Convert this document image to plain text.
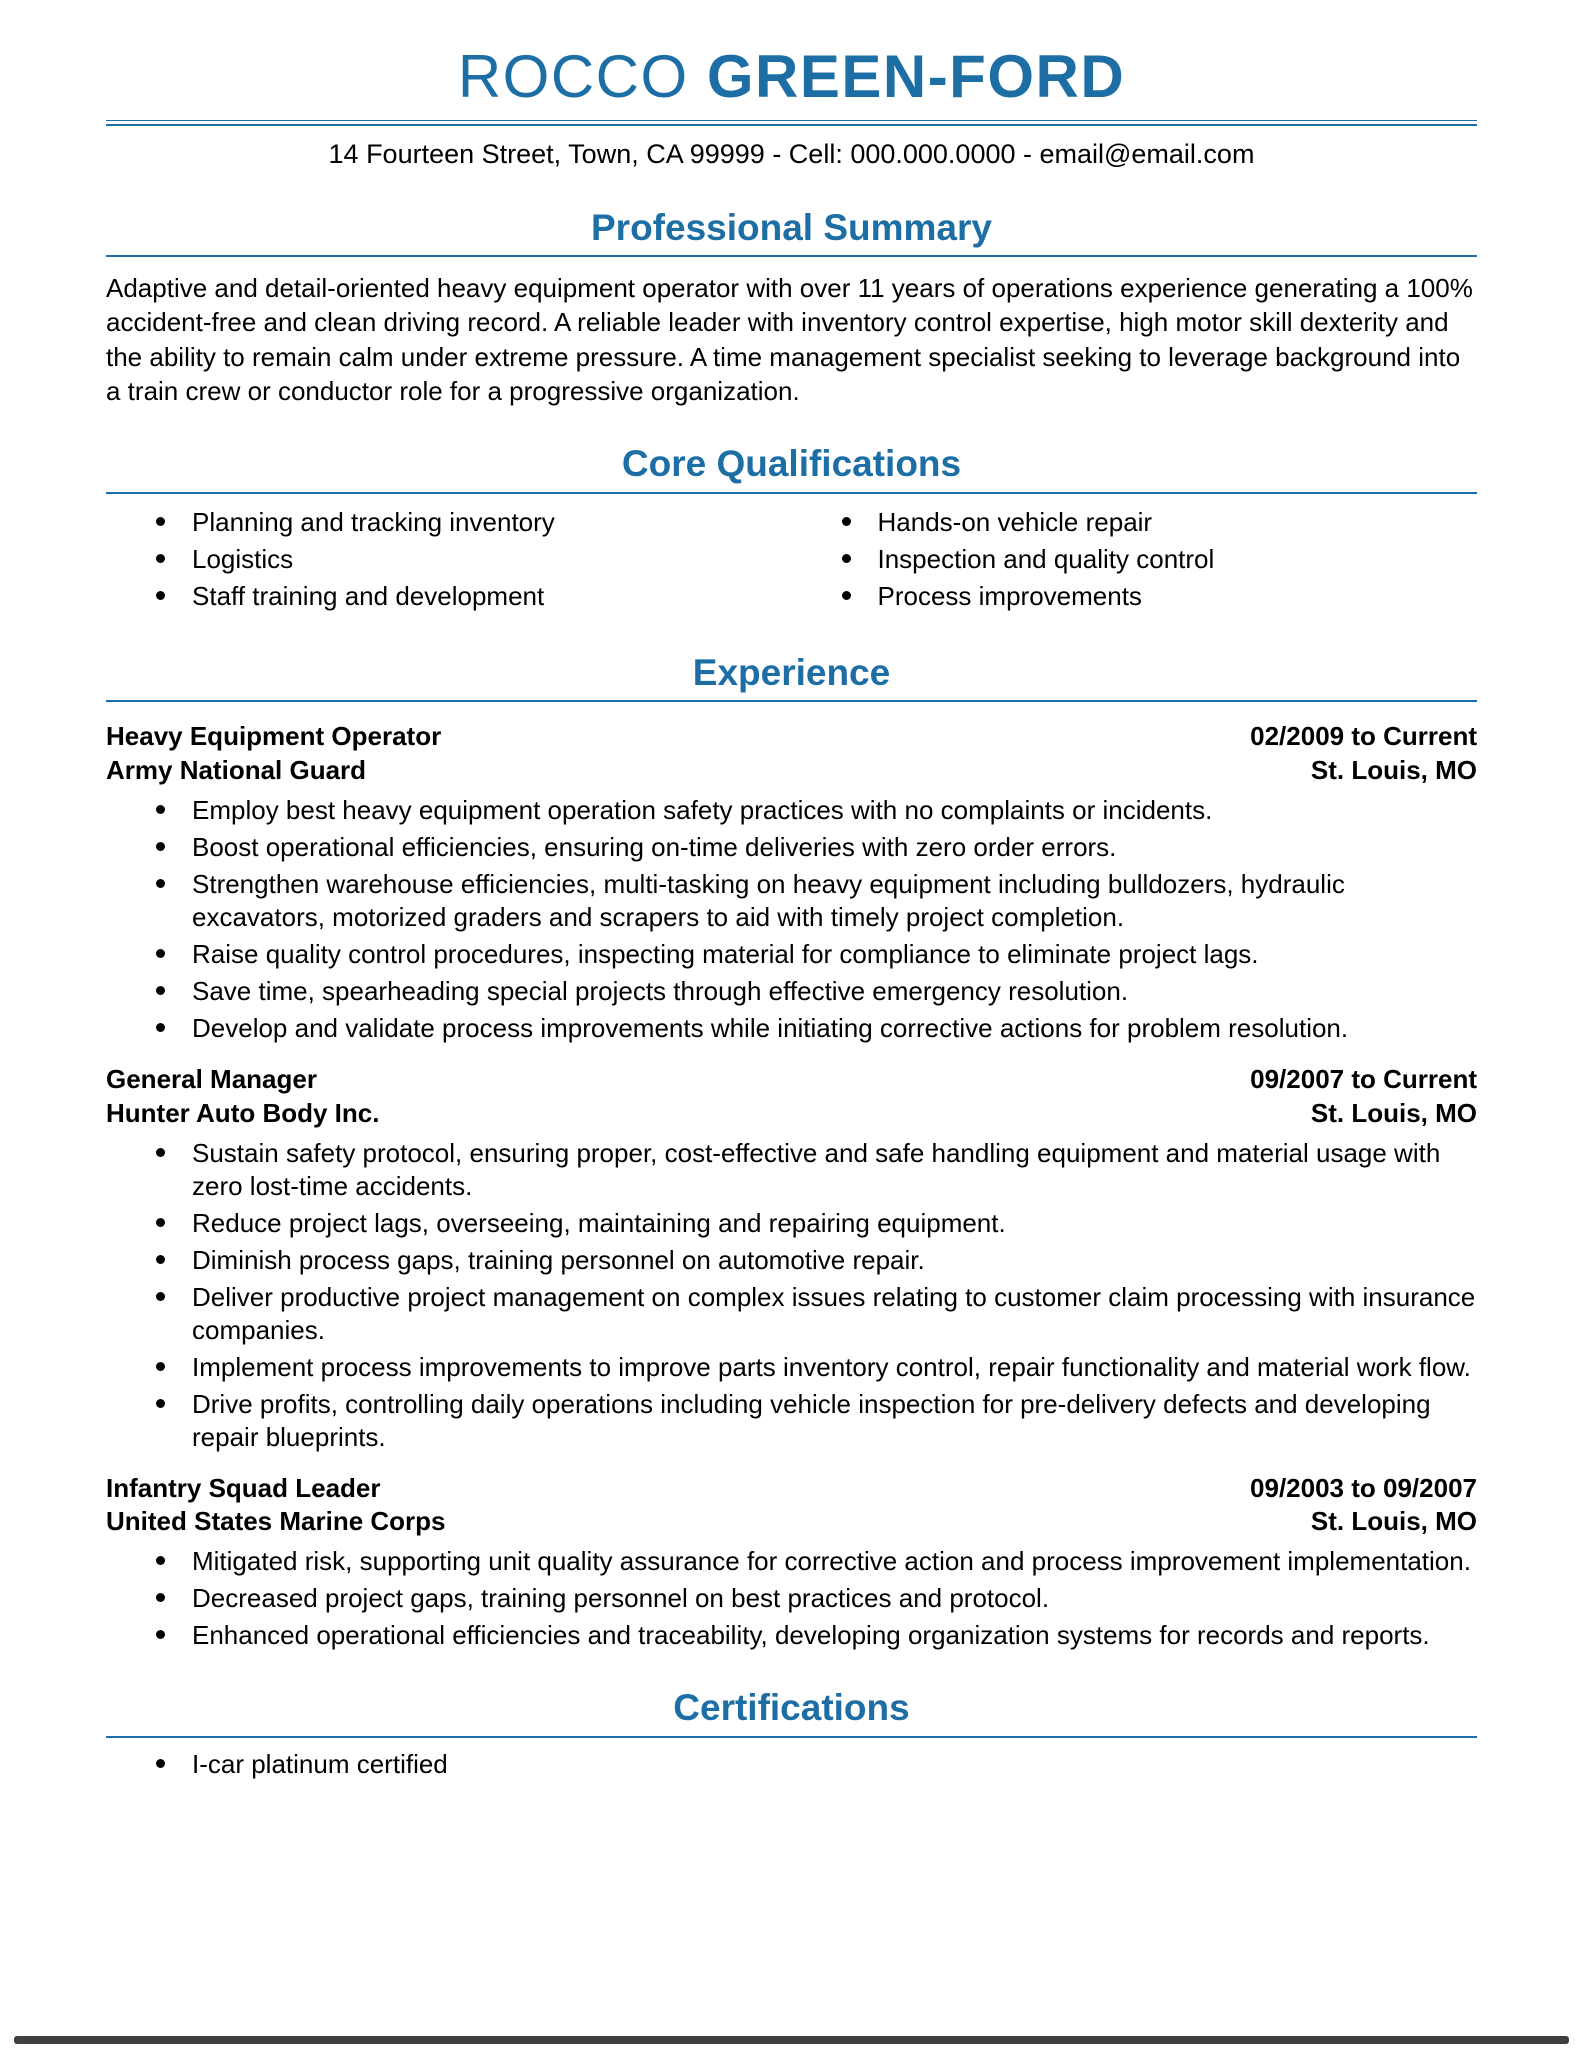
ROCCO GREEN-FORD
14 Fourteen Street, Town, CA 99999 - Cell: 000.000.0000 - email@email.com
Professional Summary

Adaptive and detail-oriented heavy equipment operator with over 11 years of operations experience generating a 100% accident-free and clean driving record. A reliable leader with inventory control expertise, high motor skill dexterity and the ability to remain calm under extreme pressure. A time management specialist seeking to leverage background into a train crew or conductor role for a progressive organization.

Core Qualifications
Planning and tracking inventory
Logistics
Staff training and development
Hands-on vehicle repair
Inspection and quality control
Process improvements
Experience
Heavy Equipment Operator	02/2009 to Current
Army National Guard	St. Louis, MO
Employ best heavy equipment operation safety practices with no complaints or incidents.
Boost operational efficiencies, ensuring on-time deliveries with zero order errors.
Strengthen warehouse efficiencies, multi-tasking on heavy equipment including bulldozers, hydraulic excavators, motorized graders and scrapers to aid with timely project completion.
Raise quality control procedures, inspecting material for compliance to eliminate project lags.
Save time, spearheading special projects through effective emergency resolution.
Develop and validate process improvements while initiating corrective actions for problem resolution.
General Manager	09/2007 to Current
Hunter Auto Body Inc.	St. Louis, MO
Sustain safety protocol, ensuring proper, cost-effective and safe handling equipment and material usage with zero lost-time accidents.
Reduce project lags, overseeing, maintaining and repairing equipment.
Diminish process gaps, training personnel on automotive repair.
Deliver productive project management on complex issues relating to customer claim processing with insurance companies.
Implement process improvements to improve parts inventory control, repair functionality and material work flow.
Drive profits, controlling daily operations including vehicle inspection for pre-delivery defects and developing repair blueprints.
Infantry Squad Leader	09/2003 to 09/2007
United States Marine Corps	St. Louis, MO
Mitigated risk, supporting unit quality assurance for corrective action and process improvement implementation.
Decreased project gaps, training personnel on best practices and protocol.
Enhanced operational efficiencies and traceability, developing organization systems for records and reports.
Certifications
I-car platinum certified
